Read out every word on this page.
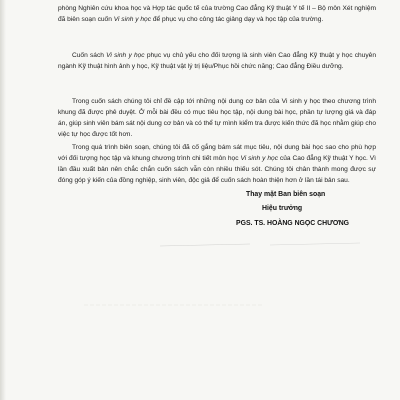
phòng Nghiên cứu khoa học và Hợp tác quốc tế của trường Cao đẳng Kỹ thuật Y tế II – Bộ môn Xét nghiệm đã biên soạn cuốn Vi sinh y học để phục vụ cho công tác giảng dạy và học tập của trường.

Cuốn sách Vi sinh y học phục vụ chủ yếu cho đối tượng là sinh viên Cao đẳng Kỹ thuật y học chuyên ngành Kỹ thuật hình ảnh y học, Kỹ thuật vật lý trị liệu/Phục hồi chức năng; Cao đẳng Điều dưỡng.

Trong cuốn sách chúng tôi chỉ đề cập tới những nội dung cơ bản của Vi sinh y học theo chương trình khung đã được phê duyệt. Ở mỗi bài đều có mục tiêu học tập, nội dung bài học, phần tự lượng giá và đáp án, giúp sinh viên bám sát nội dung cơ bản và có thể tự mình kiểm tra được kiến thức đã học nhằm giúp cho việc tự học được tốt hơn.

Trong quá trình biên soạn, chúng tôi đã cố gắng bám sát mục tiêu, nội dung bài học sao cho phù hợp với đối tượng học tập và khung chương trình chi tiết môn học Vi sinh y học của Cao đẳng Kỹ thuật Y học. Vì lần đầu xuất bản nên chắc chắn cuốn sách vẫn còn nhiều thiếu sót. Chúng tôi chân thành mong được sự đóng góp ý kiến của đồng nghiệp, sinh viên, độc giả để cuốn sách hoàn thiện hơn ở lần tái bản sau.

Thay mặt Ban biên soạn
Hiệu trưởng
PGS. TS. HOÀNG NGỌC CHƯƠNG
